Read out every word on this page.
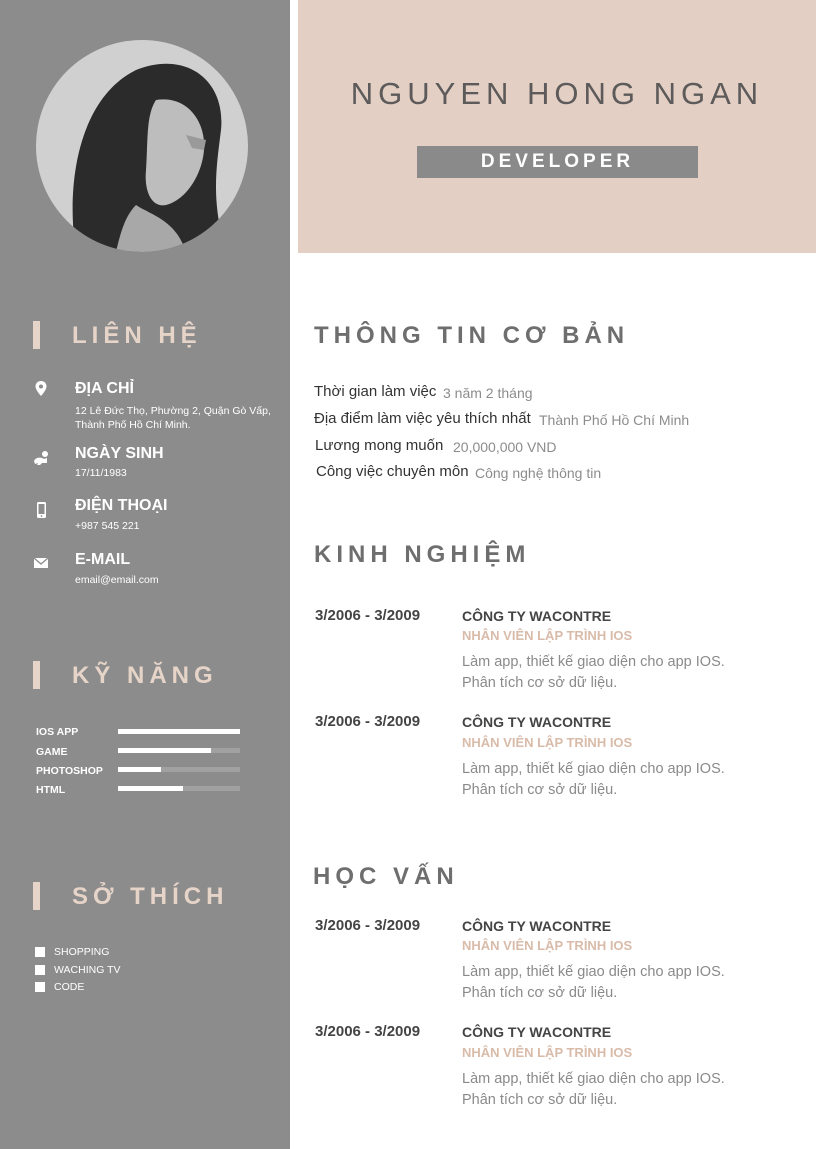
NGUYEN HONG NGAN
DEVELOPER
LIÊN HỆ
ĐỊA CHỈ
12 Lê Đức Thọ, Phường 2, Quận Gò Vấp, Thành Phố Hồ Chí Minh.
NGÀY SINH
17/11/1983
ĐIỆN THOẠI
+987 545 221
E-MAIL
email@email.com
KỸ NĂNG
IOS APP
GAME
PHOTOSHOP
HTML
SỞ THÍCH
SHOPPING
WACHING TV
CODE
THÔNG TIN CƠ BẢN
Thời gian làm việc 3 năm 2 tháng
Địa điểm làm việc yêu thích nhất Thành Phố Hồ Chí Minh
Lương mong muốn 20,000,000 VND
Công việc chuyên môn Công nghệ thông tin
KINH NGHIỆM
3/2006 - 3/2009	CÔNG TY WACONTRE
NHÂN VIÊN LẬP TRÌNH IOS
Làm app, thiết kế giao diện cho app IOS.
Phân tích cơ sở dữ liệu.
3/2006 - 3/2009	CÔNG TY WACONTRE
NHÂN VIÊN LẬP TRÌNH IOS
Làm app, thiết kế giao diện cho app IOS.
Phân tích cơ sở dữ liệu.
HỌC VẤN
3/2006 - 3/2009	CÔNG TY WACONTRE
NHÂN VIÊN LẬP TRÌNH IOS
Làm app, thiết kế giao diện cho app IOS.
Phân tích cơ sở dữ liệu.
3/2006 - 3/2009	CÔNG TY WACONTRE
NHÂN VIÊN LẬP TRÌNH IOS
Làm app, thiết kế giao diện cho app IOS.
Phân tích cơ sở dữ liệu.
